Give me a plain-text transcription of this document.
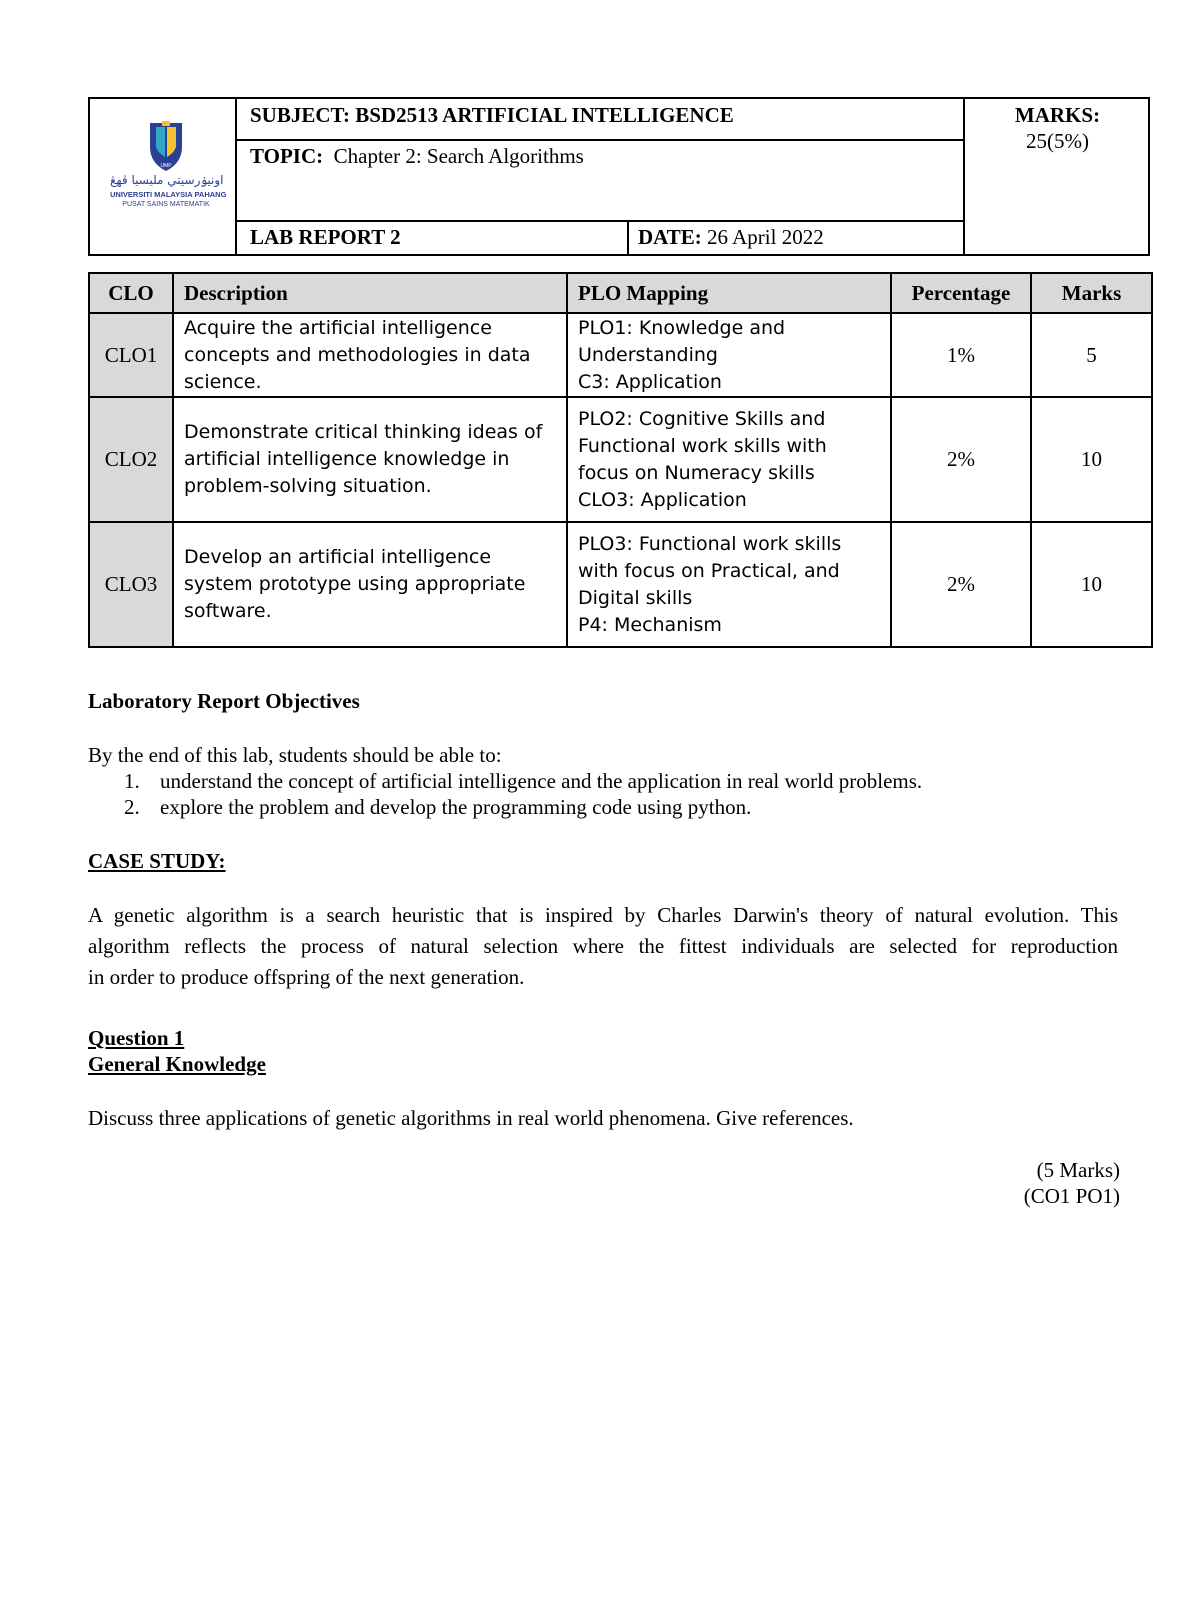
UMP
اونيۏرسيتي مليسيا ڤهڠ
UNIVERSITI MALAYSIA PAHANG
PUSAT SAINS MATEMATIK
SUBJECT: BSD2513 ARTIFICIAL INTELLIGENCE
TOPIC: Chapter 2: Search Algorithms
LAB REPORT 2	DATE: 26 April 2022
MARKS:
25(5%)
CLO	Description	PLO Mapping	Percentage	Marks
CLO1	Acquire the artificial intelligence
concepts and methodologies in data
science.	PLO1: Knowledge and
Understanding
C3: Application	1%	5
CLO2	Demonstrate critical thinking ideas of
artificial intelligence knowledge in
problem-solving situation.	PLO2: Cognitive Skills and
Functional work skills with
focus on Numeracy skills
CLO3: Application	2%	10
CLO3	Develop an artificial intelligence
system prototype using appropriate
software.	PLO3: Functional work skills
with focus on Practical, and
Digital skills
P4: Mechanism	2%	10
Laboratory Report Objectives
By the end of this lab, students should be able to:
1. understand the concept of artificial intelligence and the application in real world problems.
2. explore the problem and develop the programming code using python.
CASE STUDY:
A genetic algorithm is a search heuristic that is inspired by Charles Darwin's theory of natural evolution. This
algorithm reflects the process of natural selection where the fittest individuals are selected for reproduction
in order to produce offspring of the next generation.
Question 1
General Knowledge
Discuss three applications of genetic algorithms in real world phenomena. Give references.
(5 Marks)
(CO1 PO1)
